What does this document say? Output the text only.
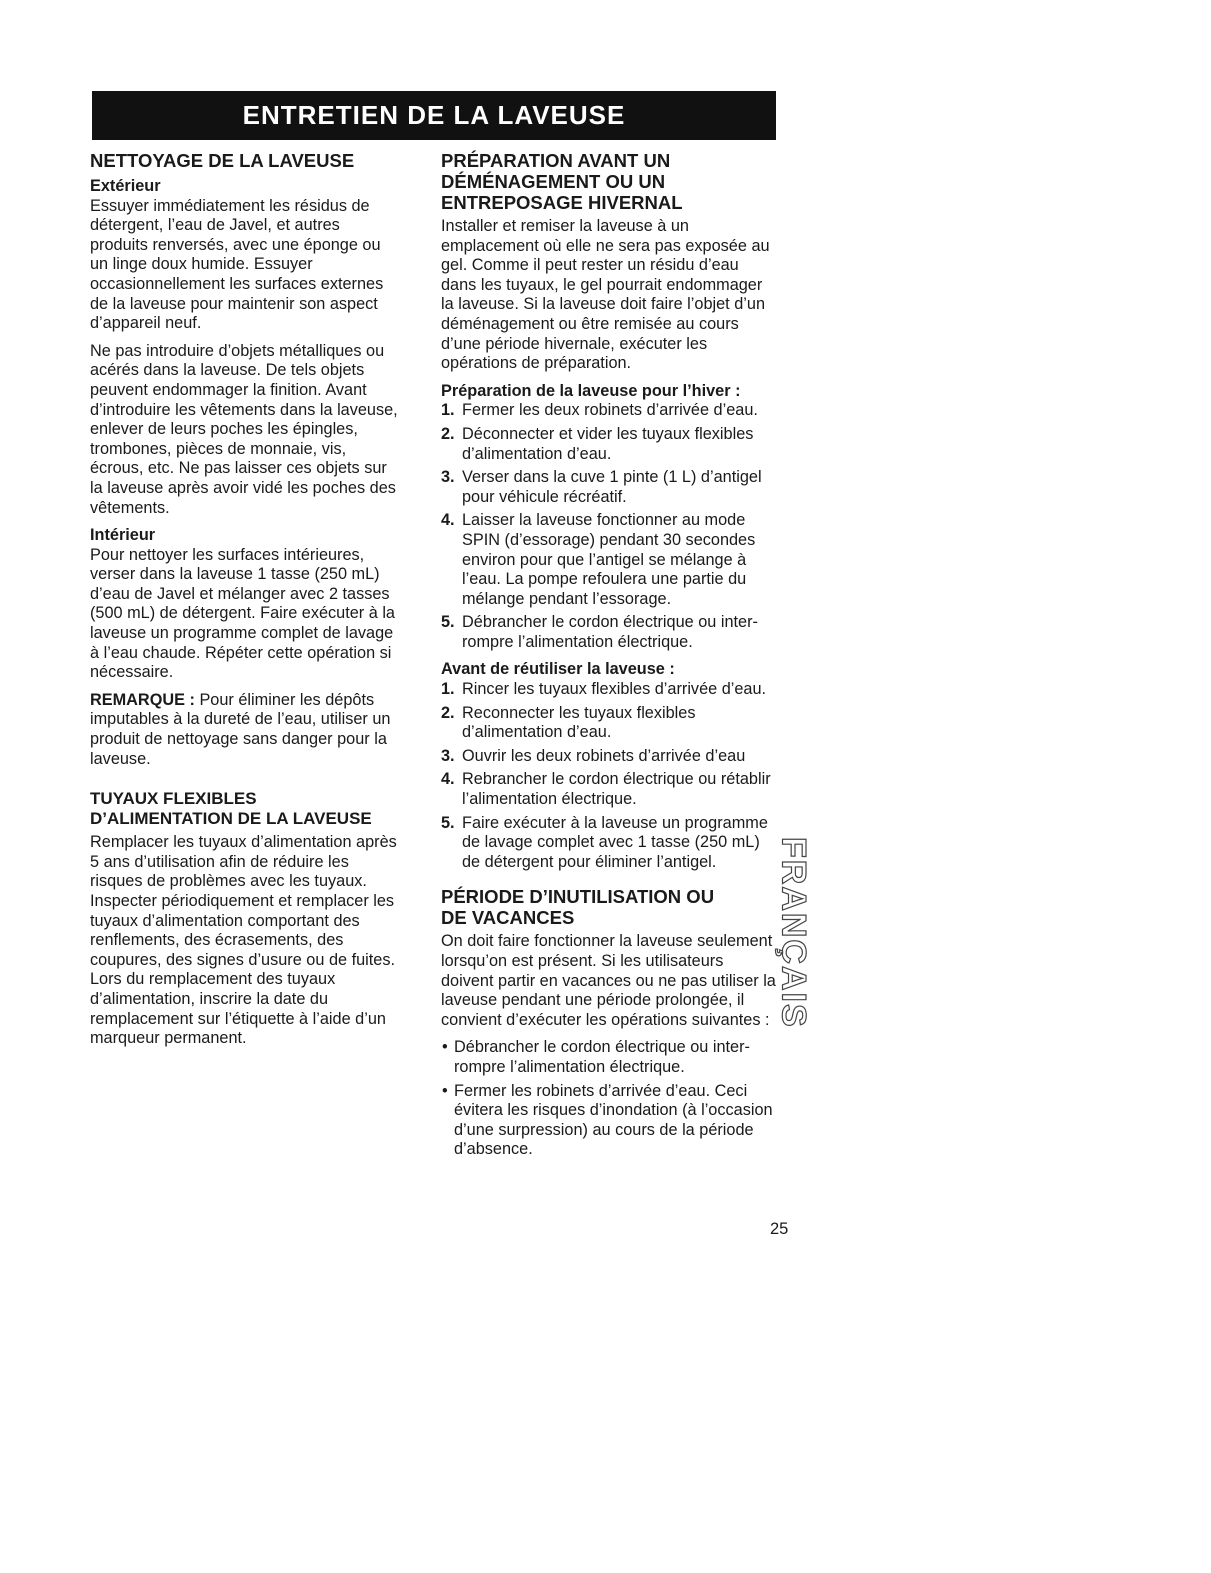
ENTRETIEN DE LA LAVEUSE
NETTOYAGE DE LA LAVEUSE
Extérieur

Essuyer immédiatement les résidus de détergent, l’eau de Javel, et autres produits renversés, avec une éponge ou un linge doux humide. Essuyer occasionnellement les surfaces externes de la laveuse pour maintenir son aspect d’appareil neuf.

Ne pas introduire d’objets métalliques ou acérés dans la laveuse. De tels objets peuvent endommager la finition. Avant d’introduire les vêtements dans la laveuse, enlever de leurs poches les épingles, trombones, pièces de monnaie, vis, écrous, etc. Ne pas laisser ces objets sur la laveuse après avoir vidé les poches des vêtements.

Intérieur

Pour nettoyer les surfaces intérieures, verser dans la laveuse 1 tasse (250 mL) d’eau de Javel et mélanger avec 2 tasses (500 mL) de détergent. Faire exécuter à la laveuse un programme complet de lavage à l’eau chaude. Répéter cette opération si nécessaire.

REMARQUE : Pour éliminer les dépôts imputables à la dureté de l’eau, utiliser un produit de nettoyage sans danger pour la laveuse.

TUYAUX FLEXIBLES
D’ALIMENTATION DE LA LAVEUSE

Remplacer les tuyaux d’alimentation après 5 ans d’utilisation afin de réduire les risques de problèmes avec les tuyaux. Inspecter périodiquement et remplacer les tuyaux d’alimentation comportant des renflements, des écrasements, des coupures, des signes d’usure ou de fuites. Lors du remplacement des tuyaux d’alimentation, inscrire la date du remplacement sur l’étiquette à l’aide d’un marqueur permanent.

PRÉPARATION AVANT UN DÉMÉNAGEMENT OU UN ENTREPOSAGE HIVERNAL

Installer et remiser la laveuse à un emplacement où elle ne sera pas exposée au gel. Comme il peut rester un résidu d’eau dans les tuyaux, le gel pourrait endommager la laveuse. Si la laveuse doit faire l’objet d’un déménagement ou être remisée au cours d’une période hivernale, exécuter les opérations de préparation.

Préparation de la laveuse pour l’hiver :
1. Fermer les deux robinets d’arrivée d’eau.
2. Déconnecter et vider les tuyaux flexibles d’alimentation d’eau.
3. Verser dans la cuve 1 pinte (1 L) d’antigel pour véhicule récréatif.
4. Laisser la laveuse fonctionner au mode SPIN (d’essorage) pendant 30 secondes environ pour que l’antigel se mélange à l’eau. La pompe refoulera une partie du mélange pendant l’essorage.
5. Débrancher le cordon électrique ou inter-rompre l’alimentation électrique.
Avant de réutiliser la laveuse :
1. Rincer les tuyaux flexibles d’arrivée d’eau.
2. Reconnecter les tuyaux flexibles d’alimentation d’eau.
3. Ouvrir les deux robinets d’arrivée d’eau
4. Rebrancher le cordon électrique ou rétablir l’alimentation électrique.
5. Faire exécuter à la laveuse un programme de lavage complet avec 1 tasse (250 mL) de détergent pour éliminer l’antigel.
PÉRIODE D’INUTILISATION OU
DE VACANCES

On doit faire fonctionner la laveuse seulement lorsqu’on est présent. Si les utilisateurs doivent partir en vacances ou ne pas utiliser la laveuse pendant une période prolongée, il convient d’exécuter les opérations suivantes :

• Débrancher le cordon électrique ou inter-rompre l’alimentation électrique.
• Fermer les robinets d’arrivée d’eau. Ceci évitera les risques d’inondation (à l’occasion d’une surpression) au cours de la période d’absence.
FRANÇAIS
25
